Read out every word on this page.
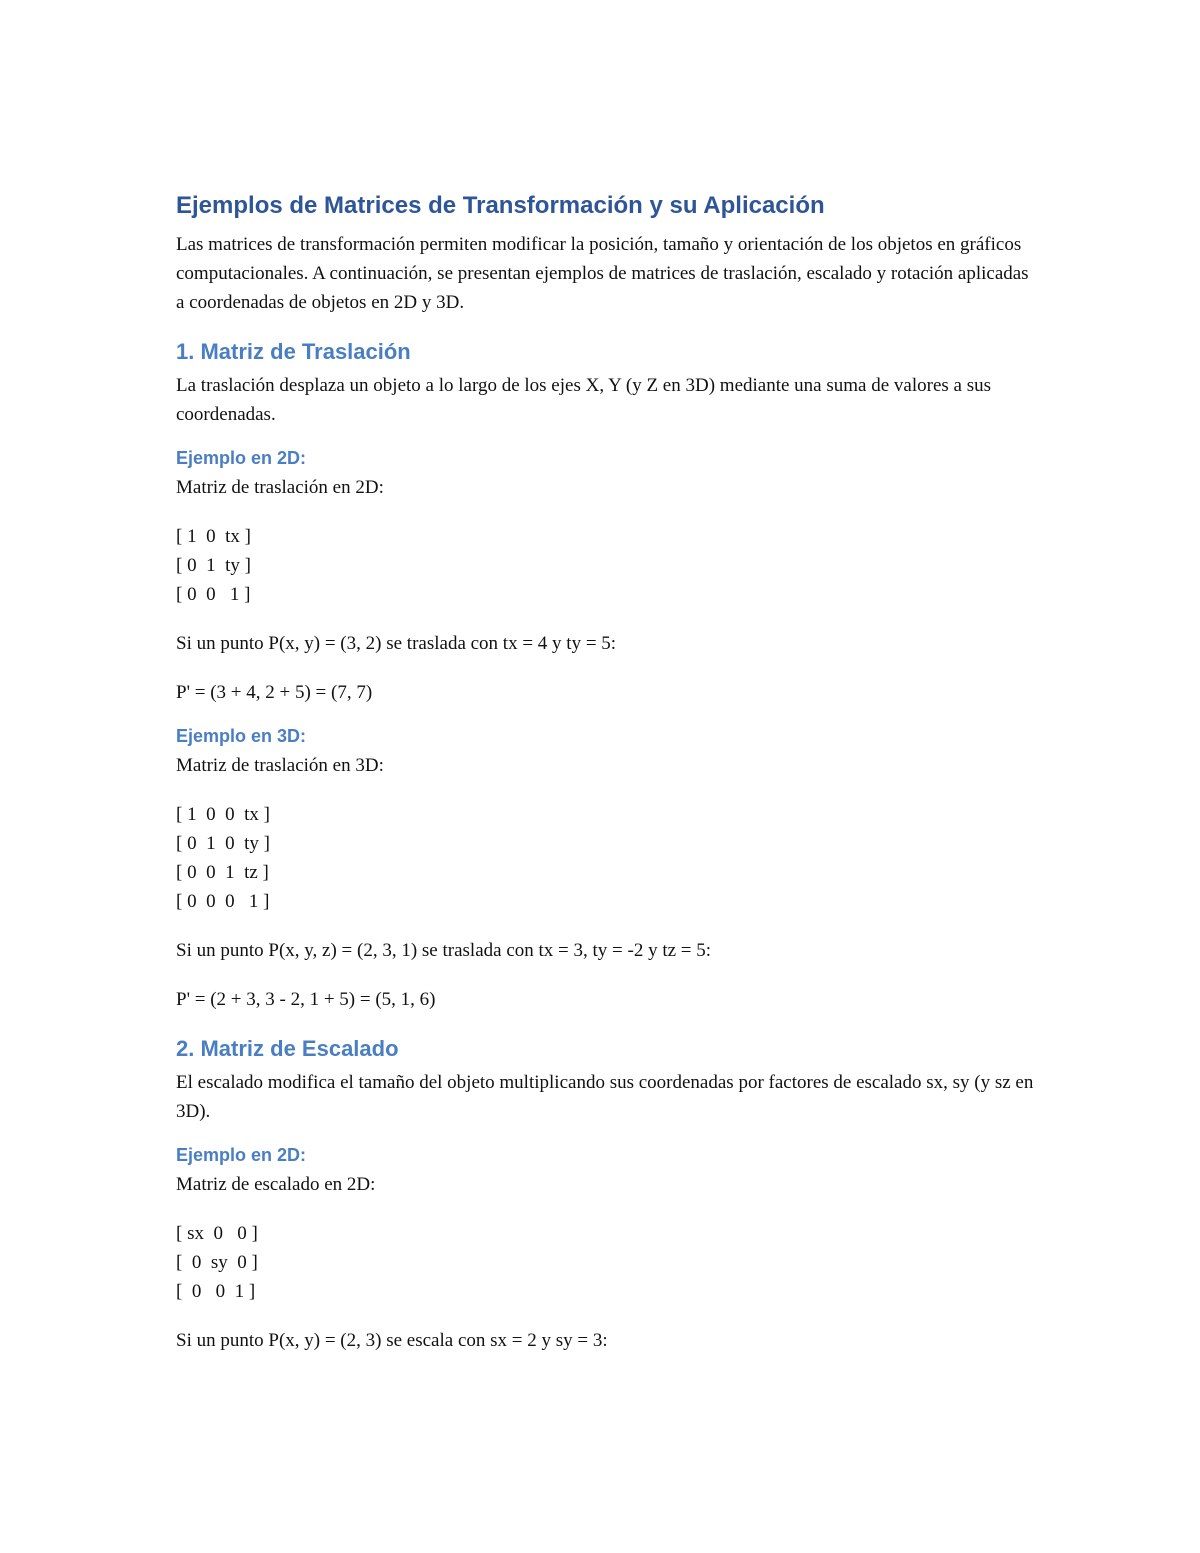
Ejemplos de Matrices de Transformación y su Aplicación

Las matrices de transformación permiten modificar la posición, tamaño y orientación de los objetos en gráficos computacionales. A continuación, se presentan ejemplos de matrices de traslación, escalado y rotación aplicadas a coordenadas de objetos en 2D y 3D.

1. Matriz de Traslación

La traslación desplaza un objeto a lo largo de los ejes X, Y (y Z en 3D) mediante una suma de valores a sus coordenadas.

Ejemplo en 2D:

Matriz de traslación en 2D:

[ 1  0  tx ]
[ 0  1  ty ]
[ 0  0   1 ]

Si un punto P(x, y) = (3, 2) se traslada con tx = 4 y ty = 5:

P' = (3 + 4, 2 + 5) = (7, 7)

Ejemplo en 3D:

Matriz de traslación en 3D:

[ 1  0  0  tx ]
[ 0  1  0  ty ]
[ 0  0  1  tz ]
[ 0  0  0   1 ]

Si un punto P(x, y, z) = (2, 3, 1) se traslada con tx = 3, ty = -2 y tz = 5:

P' = (2 + 3, 3 - 2, 1 + 5) = (5, 1, 6)

2. Matriz de Escalado

El escalado modifica el tamaño del objeto multiplicando sus coordenadas por factores de escalado sx, sy (y sz en 3D).

Ejemplo en 2D:

Matriz de escalado en 2D:

[ sx  0   0 ]
[  0  sy  0 ]
[  0   0  1 ]

Si un punto P(x, y) = (2, 3) se escala con sx = 2 y sy = 3:
